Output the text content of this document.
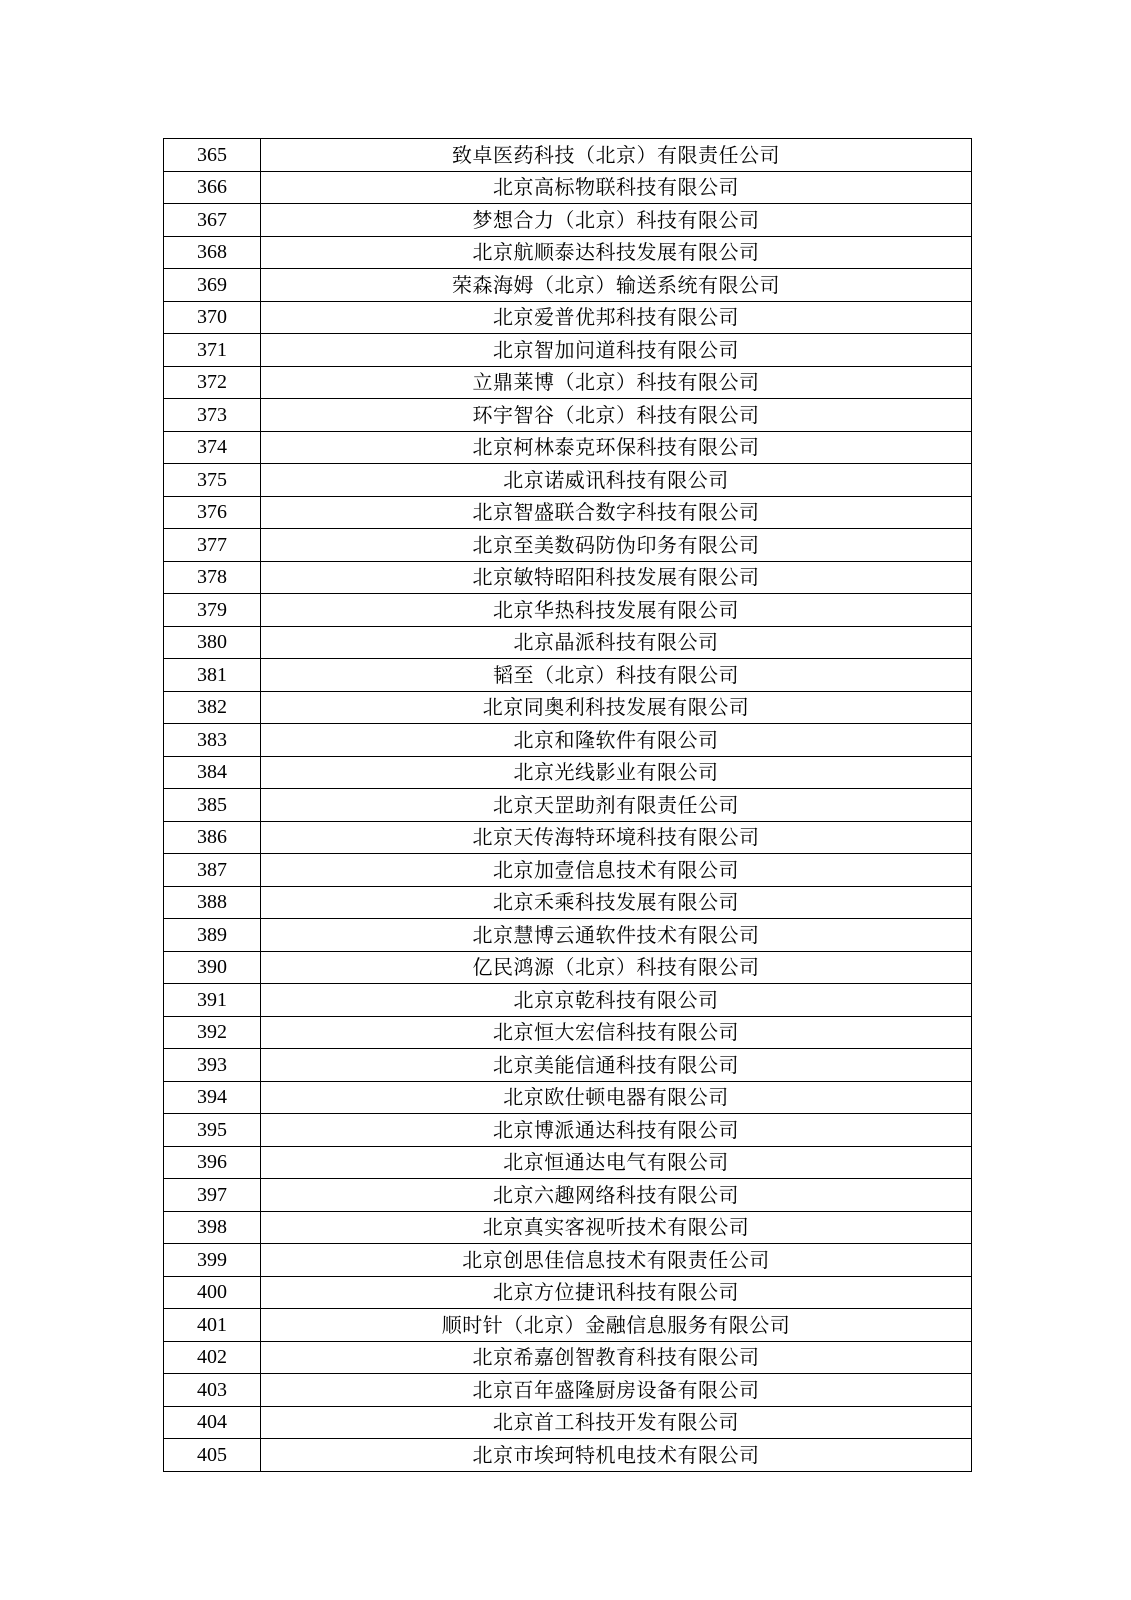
365	致卓医药科技（北京）有限责任公司
366	北京高标物联科技有限公司
367	梦想合力（北京）科技有限公司
368	北京航顺泰达科技发展有限公司
369	荣森海姆（北京）输送系统有限公司
370	北京爱普优邦科技有限公司
371	北京智加问道科技有限公司
372	立鼎莱博（北京）科技有限公司
373	环宇智谷（北京）科技有限公司
374	北京柯林泰克环保科技有限公司
375	北京诺威讯科技有限公司
376	北京智盛联合数字科技有限公司
377	北京至美数码防伪印务有限公司
378	北京敏特昭阳科技发展有限公司
379	北京华热科技发展有限公司
380	北京晶派科技有限公司
381	韬至（北京）科技有限公司
382	北京同奥利科技发展有限公司
383	北京和隆软件有限公司
384	北京光线影业有限公司
385	北京天罡助剂有限责任公司
386	北京天传海特环境科技有限公司
387	北京加壹信息技术有限公司
388	北京禾乘科技发展有限公司
389	北京慧博云通软件技术有限公司
390	亿民鸿源（北京）科技有限公司
391	北京京乾科技有限公司
392	北京恒大宏信科技有限公司
393	北京美能信通科技有限公司
394	北京欧仕顿电器有限公司
395	北京博派通达科技有限公司
396	北京恒通达电气有限公司
397	北京六趣网络科技有限公司
398	北京真实客视听技术有限公司
399	北京创思佳信息技术有限责任公司
400	北京方位捷讯科技有限公司
401	顺时针（北京）金融信息服务有限公司
402	北京希嘉创智教育科技有限公司
403	北京百年盛隆厨房设备有限公司
404	北京首工科技开发有限公司
405	北京市埃珂特机电技术有限公司
